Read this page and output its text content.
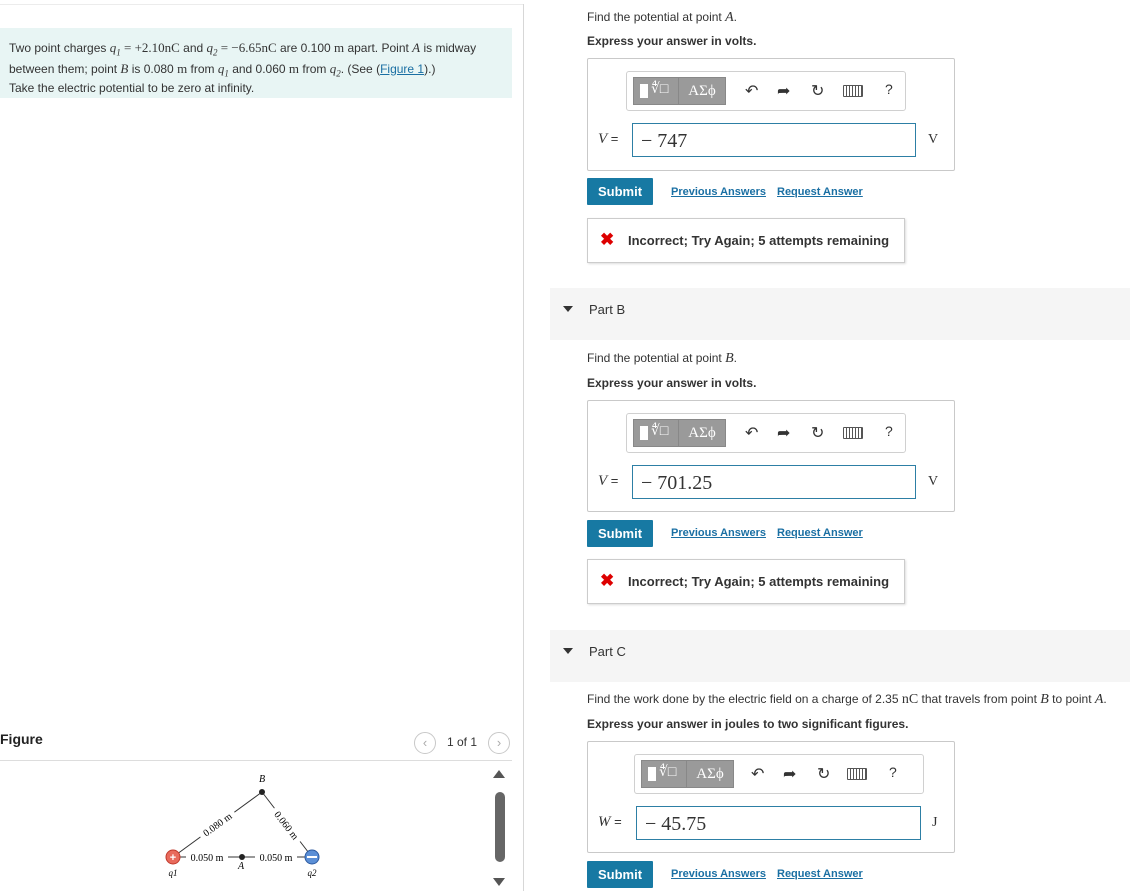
Two point charges $q_1 = +2.10nC$ and $q_2 = -6.65nC$ are 0.100 m apart. Point A is midway between them; point B is 0.080 m from $q_1$ and 0.060 m from $q_2$. (See (Figure 1).)
Take the electric potential to be zero at infinity.
Figure	‹	1 of 1	›
0.080 m	0.060 m
0.050 m	0.050 m
B
A
+
q1	q2
Find the potential at point A.
Express your answer in volts.
∜□	ΑΣϕ	↶ ➦ ↻	?
V =	− 747	V
Submit	Previous Answers Request Answer
✖ Incorrect; Try Again; 5 attempts remaining
Part B
Find the potential at point B.
Express your answer in volts.
∜□	ΑΣϕ	↶ ➦ ↻	?
V =	− 701.25	V
Submit	Previous Answers Request Answer
✖ Incorrect; Try Again; 5 attempts remaining
Part C
Find the work done by the electric field on a charge of 2.35 nC that travels from point B to point A.
Express your answer in joules to two significant figures.
∜□	ΑΣϕ	↶ ➦ ↻	?
W =	− 45.75	J
Submit	Previous Answers Request Answer
